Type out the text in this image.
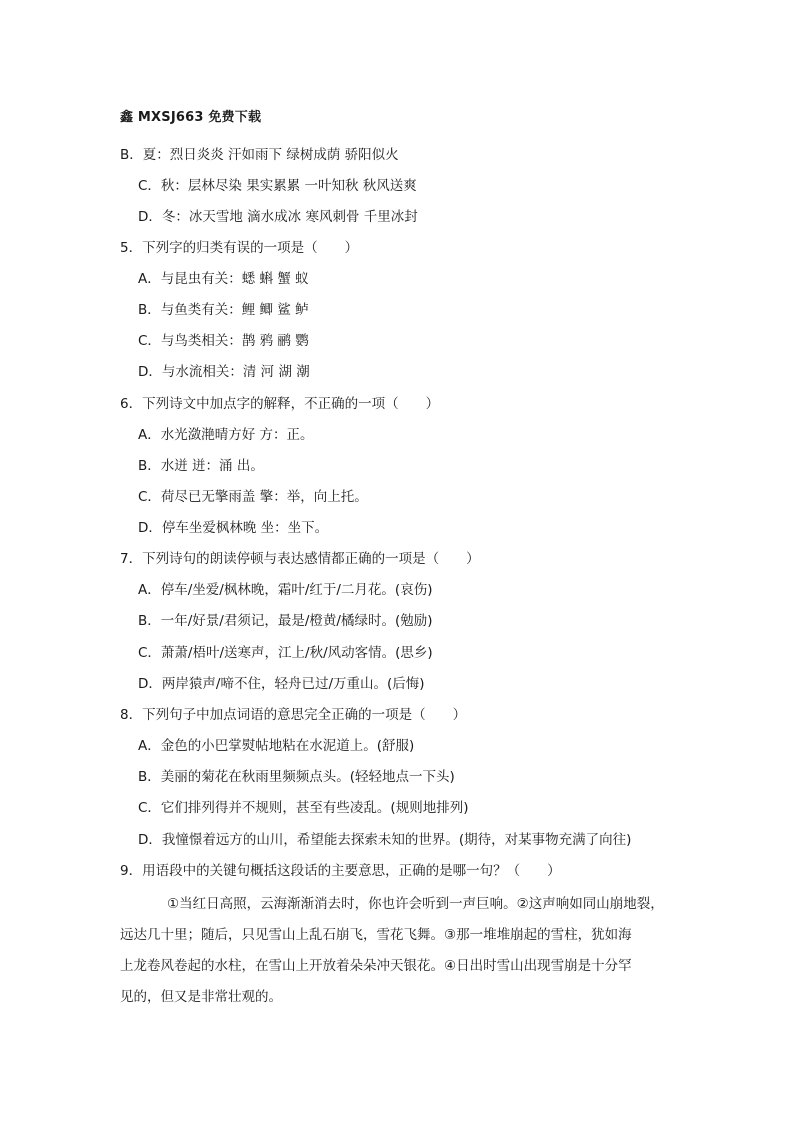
鑫 MXSJ663 免费下载
B．夏：烈日炎炎 汗如雨下 绿树成荫 骄阳似火
C．秋：层林尽染 果实累累 一叶知秋 秋风送爽
D．冬：冰天雪地 滴水成冰 寒风刺骨 千里冰封
5．下列字的归类有误的一项是（　　）
A．与昆虫有关：蟋 蝌 蟹 蚁
B．与鱼类有关：鲤 鲫 鲨 鲈
C．与鸟类相关：鹊 鸦 鹂 鹦
D．与水流相关：清 河 湖 潮
6．下列诗文中加点字的解释，不正确的一项（　　）
A．水光潋滟晴方好 方：正。
B．水迸 迸：涌 出。
C．荷尽已无擎雨盖 擎：举，向上托。
D．停车坐爱枫林晚 坐：坐下。
7．下列诗句的朗读停顿与表达感情都正确的一项是（　　）
A．停车/坐爱/枫林晚，霜叶/红于/二月花。(哀伤)
B．一年/好景/君须记，最是/橙黄/橘绿时。(勉励)
C．萧萧/梧叶/送寒声，江上/秋/风动客情。(思乡)
D．两岸猿声/啼不住，轻舟已过/万重山。(后悔)
8．下列句子中加点词语的意思完全正确的一项是（　　）
A．金色的小巴掌熨帖地粘在水泥道上。(舒服)
B．美丽的菊花在秋雨里频频点头。(轻轻地点一下头)
C．它们排列得并不规则，甚至有些凌乱。(规则地排列)
D．我憧憬着远方的山川，希望能去探索未知的世界。(期待，对某事物充满了向往)
9．用语段中的关键句概括这段话的主要意思，正确的是哪一句？（　　）
①当红日高照，云海渐渐消去时，你也许会听到一声巨响。②这声响如同山崩地裂，
远达几十里；随后，只见雪山上乱石崩飞，雪花飞舞。③那一堆堆崩起的雪柱，犹如海
上龙卷风卷起的水柱，在雪山上开放着朵朵冲天银花。④日出时雪山出现雪崩是十分罕
见的，但又是非常壮观的。
